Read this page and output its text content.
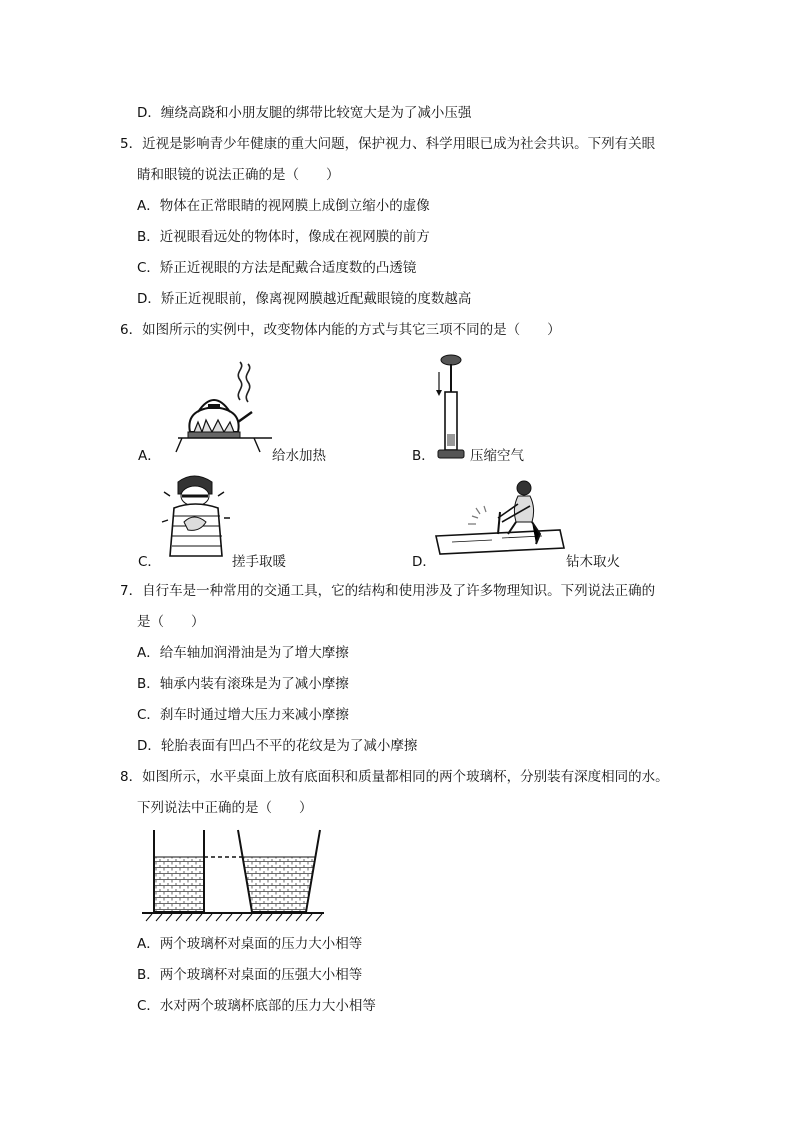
D．缠绕高跷和小朋友腿的绑带比较宽大是为了减小压强
5．近视是影响青少年健康的重大问题，保护视力、科学用眼已成为社会共识。下列有关眼
睛和眼镜的说法正确的是（　　）
A．物体在正常眼睛的视网膜上成倒立缩小的虚像
B．近视眼看远处的物体时，像成在视网膜的前方
C．矫正近视眼的方法是配戴合适度数的凸透镜
D．矫正近视眼前，像离视网膜越近配戴眼镜的度数越高
6．如图所示的实例中，改变物体内能的方式与其它三项不同的是（　　）
A．	给水加热	B．	压缩空气
C．	搓手取暖	D．	钻木取火
7．自行车是一种常用的交通工具，它的结构和使用涉及了许多物理知识。下列说法正确的
是（　　）
A．给车轴加润滑油是为了增大摩擦
B．轴承内装有滚珠是为了减小摩擦
C．刹车时通过增大压力来减小摩擦
D．轮胎表面有凹凸不平的花纹是为了减小摩擦
8．如图所示，水平桌面上放有底面积和质量都相同的两个玻璃杯，分别装有深度相同的水。
下列说法中正确的是（　　）
A．两个玻璃杯对桌面的压力大小相等
B．两个玻璃杯对桌面的压强大小相等
C．水对两个玻璃杯底部的压力大小相等
